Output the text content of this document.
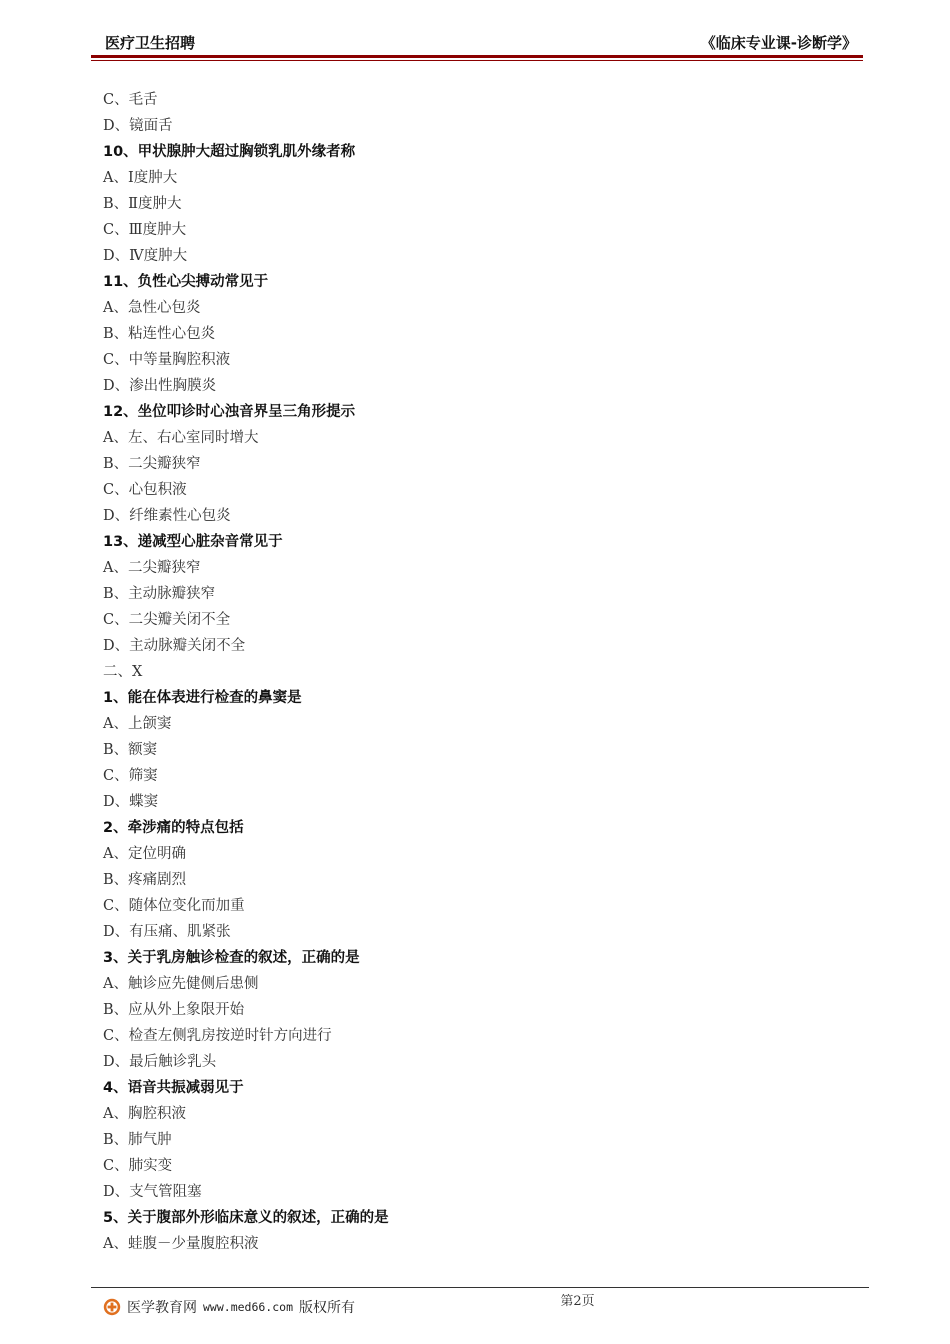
医疗卫生招聘	《临床专业课-诊断学》
C、毛舌
D、镜面舌
10、甲状腺肿大超过胸锁乳肌外缘者称
A、Ⅰ度肿大
B、Ⅱ度肿大
C、Ⅲ度肿大
D、Ⅳ度肿大
11、负性心尖搏动常见于
A、急性心包炎
B、粘连性心包炎
C、中等量胸腔积液
D、渗出性胸膜炎
12、坐位叩诊时心浊音界呈三角形提示
A、左、右心室同时增大
B、二尖瓣狭窄
C、心包积液
D、纤维素性心包炎
13、递减型心脏杂音常见于
A、二尖瓣狭窄
B、主动脉瓣狭窄
C、二尖瓣关闭不全
D、主动脉瓣关闭不全
二、X
1、能在体表进行检查的鼻窦是
A、上颌窦
B、额窦
C、筛窦
D、蝶窦
2、牵涉痛的特点包括
A、定位明确
B、疼痛剧烈
C、随体位变化而加重
D、有压痛、肌紧张
3、关于乳房触诊检查的叙述，正确的是
A、触诊应先健侧后患侧
B、应从外上象限开始
C、检查左侧乳房按逆时针方向进行
D、最后触诊乳头
4、语音共振减弱见于
A、胸腔积液
B、肺气肿
C、肺实变
D、支气管阻塞
5、关于腹部外形临床意义的叙述，正确的是
A、蛙腹－少量腹腔积液
第2页
医学教育网 www.med66.com 版权所有
